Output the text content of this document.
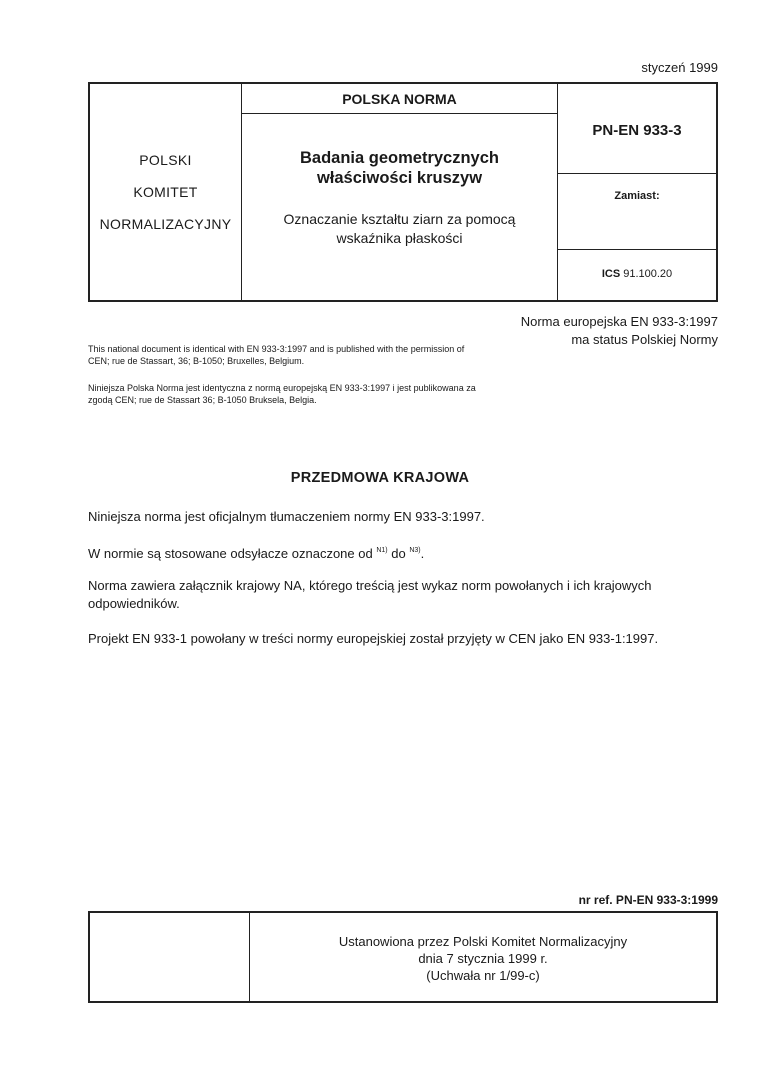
styczeń 1999
POLSKI
KOMITET
NORMALIZACYJNY
POLSKA NORMA
Badania geometrycznych
właściwości kruszyw
Oznaczanie kształtu ziarn za pomocą
wskaźnika płaskości
PN-EN 933-3
Zamiast:
ICS 91.100.20
Norma europejska EN 933-3:1997
ma status Polskiej Normy
This national document is identical with EN 933-3:1997 and is published with the permission of CEN; rue de Stassart, 36; B-1050; Bruxelles, Belgium.
Niniejsza Polska Norma jest identyczna z normą europejską EN 933-3:1997 i jest publikowana za zgodą CEN; rue de Stassart 36; B-1050 Bruksela, Belgia.
PRZEDMOWA KRAJOWA
Niniejsza norma jest oficjalnym tłumaczeniem normy EN 933-3:1997.
W normie są stosowane odsyłacze oznaczone od $^{N1)}$ do $^{N3)}$.
Norma zawiera załącznik krajowy NA, którego treścią jest wykaz norm powołanych i ich krajowych odpowiedników.
Projekt EN 933-1 powołany w treści normy europejskiej został przyjęty w CEN jako EN 933-1:1997.
nr ref. PN-EN 933-3:1999
Ustanowiona przez Polski Komitet Normalizacyjny
dnia 7 stycznia 1999 r.
(Uchwała nr 1/99-c)
